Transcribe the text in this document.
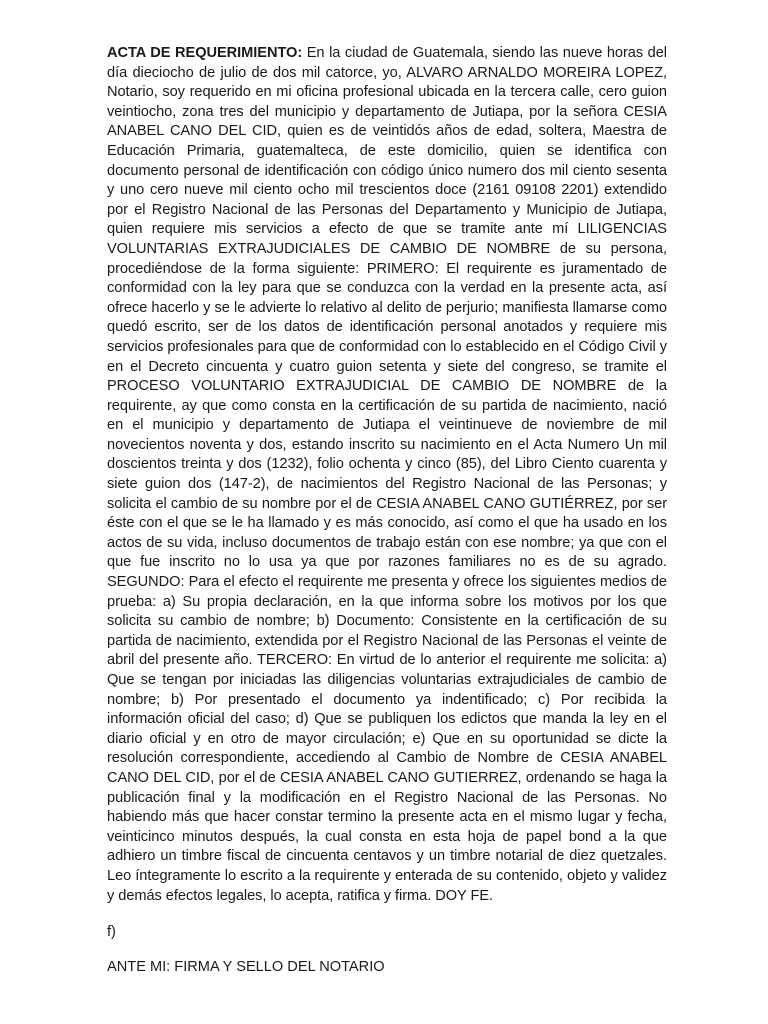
ACTA DE REQUERIMIENTO: En la ciudad de Guatemala, siendo las nueve horas del día dieciocho de julio de dos mil catorce, yo, ALVARO ARNALDO MOREIRA LOPEZ, Notario, soy requerido en mi oficina profesional ubicada en la tercera calle, cero guion veintiocho, zona tres del municipio y departamento de Jutiapa, por la señora CESIA ANABEL CANO DEL CID, quien es de veintidós años de edad, soltera, Maestra de Educación Primaria, guatemalteca, de este domicilio, quien se identifica con documento personal de identificación con código único numero dos mil ciento sesenta y uno cero nueve mil ciento ocho mil trescientos doce (2161 09108 2201) extendido por el Registro Nacional de las Personas del Departamento y Municipio de Jutiapa, quien requiere mis servicios a efecto de que se tramite ante mí LILIGENCIAS VOLUNTARIAS EXTRAJUDICIALES DE CAMBIO DE NOMBRE de su persona, procediéndose de la forma siguiente: PRIMERO: El requirente es juramentado de conformidad con la ley para que se conduzca con la verdad en la presente acta, así ofrece hacerlo y se le advierte lo relativo al delito de perjurio; manifiesta llamarse como quedó escrito, ser de los datos de identificación personal anotados y requiere mis servicios profesionales para que de conformidad con lo establecido en el Código Civil y en el Decreto cincuenta y cuatro guion setenta y siete del congreso, se tramite el PROCESO VOLUNTARIO EXTRAJUDICIAL DE CAMBIO DE NOMBRE de la requirente, ay que como consta en la certificación de su partida de nacimiento, nació en el municipio y departamento de Jutiapa el veintinueve de noviembre de mil novecientos noventa y dos, estando inscrito su nacimiento en el Acta Numero Un mil doscientos treinta y dos (1232), folio ochenta y cinco (85), del Libro Ciento cuarenta y siete guion dos (147-2), de nacimientos del Registro Nacional de las Personas; y solicita el cambio de su nombre por el de CESIA ANABEL CANO GUTIÉRREZ, por ser éste con el que se le ha llamado y es más conocido, así como el que ha usado en los actos de su vida, incluso documentos de trabajo están con ese nombre; ya que con el que fue inscrito no lo usa ya que por razones familiares no es de su agrado. SEGUNDO: Para el efecto el requirente me presenta y ofrece los siguientes medios de prueba: a) Su propia declaración, en la que informa sobre los motivos por los que solicita su cambio de nombre; b) Documento: Consistente en la certificación de su partida de nacimiento, extendida por el Registro Nacional de las Personas el veinte de abril del presente año. TERCERO: En virtud de lo anterior el requirente me solicita: a) Que se tengan por iniciadas las diligencias voluntarias extrajudiciales de cambio de nombre; b) Por presentado el documento ya indentificado; c) Por recibida la información oficial del caso; d) Que se publiquen los edictos que manda la ley en el diario oficial y en otro de mayor circulación; e) Que en su oportunidad se dicte la resolución correspondiente, accediendo al Cambio de Nombre de CESIA ANABEL CANO DEL CID, por el de CESIA ANABEL CANO GUTIERREZ, ordenando se haga la publicación final y la modificación en el Registro Nacional de las Personas. No habiendo más que hacer constar termino la presente acta en el mismo lugar y fecha, veinticinco minutos después, la cual consta en esta hoja de papel bond a la que adhiero un timbre fiscal de cincuenta centavos y un timbre notarial de diez quetzales. Leo íntegramente lo escrito a la requirente y enterada de su contenido, objeto y validez y demás efectos legales, lo acepta, ratifica y firma. DOY FE.

f)

ANTE MI: FIRMA Y SELLO DEL NOTARIO
